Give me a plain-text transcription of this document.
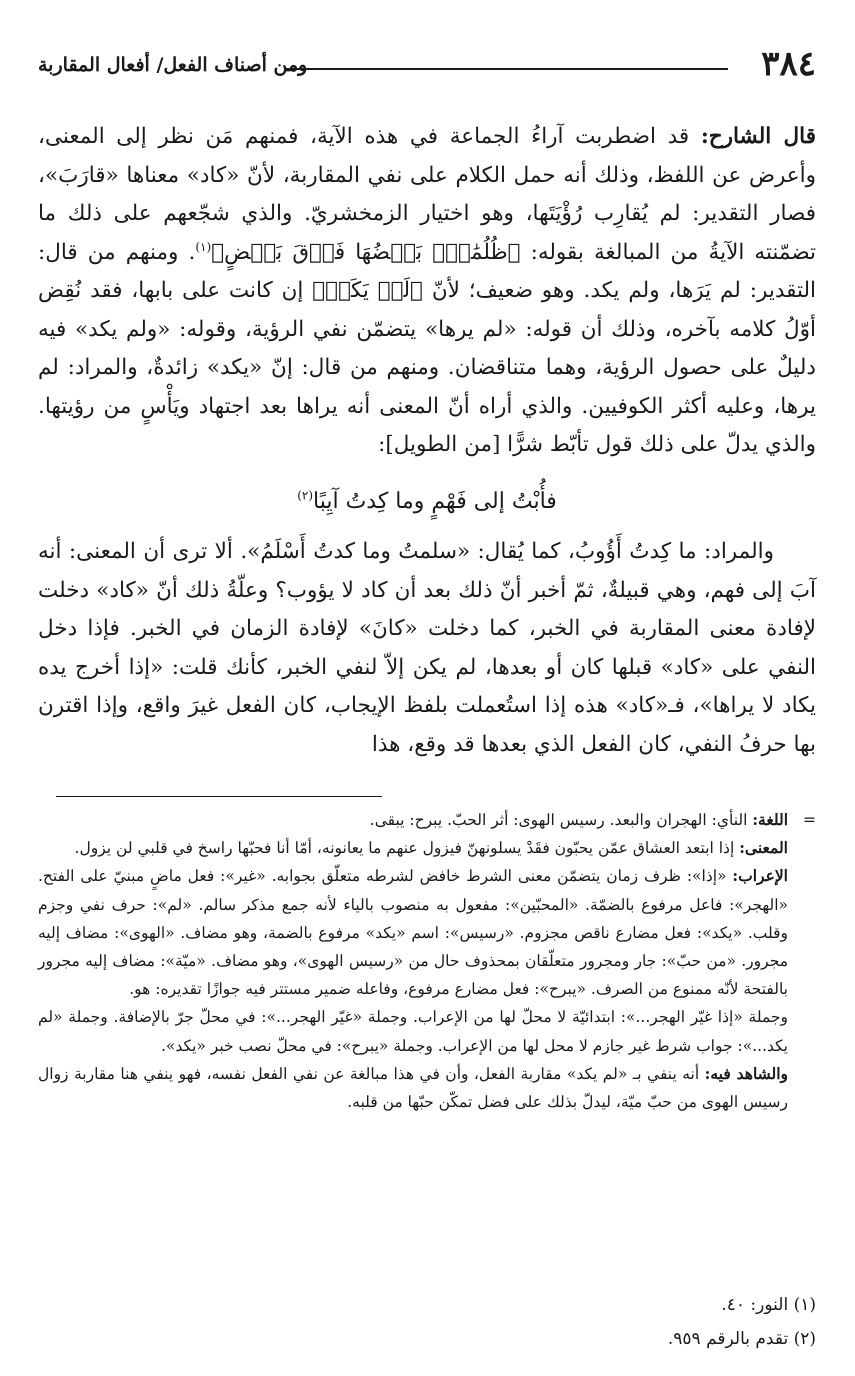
٣٨٤
ومن أصناف الفعل/ أفعال المقاربة

قال الشارح: قد اضطربت آراءُ الجماعة في هذه الآية، فمنهم مَن نظر إلى المعنى، وأعرض عن اللفظ، وذلك أنه حمل الكلام على نفي المقاربة، لأنّ «كاد» معناها «قارَبَ»، فصار التقدير: لم يُقارِب رُؤْيَتَها، وهو اختيار الزمخشريّ. والذي شجّعهم على ذلك ما تضمّنته الآيةُ من المبالغة بقوله: ﴿ظُلُمَٰتٌۢ بَعۡضُهَا فَوۡقَ بَعۡضٍ﴾$^{(١)}$. ومنهم من قال: التقدير: لم يَرَها، ولم يكد. وهو ضعيف؛ لأنّ ﴿لَمۡ يَكَدۡ﴾ إن كانت على بابها، فقد نُقِض أوّلُ كلامه بآخره، وذلك أن قوله: «لم يرها» يتضمّن نفي الرؤية، وقوله: «ولم يكد» فيه دليلٌ على حصول الرؤية، وهما متناقضان. ومنهم من قال: إنّ «يكد» زائدةٌ، والمراد: لم يرها، وعليه أكثر الكوفيين. والذي أراه أنّ المعنى أنه يراها بعد اجتهاد ويَأْسٍ من رؤيتها. والذي يدلّ على ذلك قول تأبّط شرًّا [من الطويل]:

فأُبْتُ إلى فَهْمٍ وما كِدتُ آيِبًا$^{(٢)}$

والمراد: ما كِدتُ أَؤُوبُ، كما يُقال: «سلمتُ وما كدتُ أَسْلَمُ». ألا ترى أن المعنى: أنه آبَ إلى فهم، وهي قبيلةٌ، ثمّ أخبر أنّ ذلك بعد أن كاد لا يؤوب؟ وعلّةُ ذلك أنّ «كاد» دخلت لإفادة معنى المقاربة في الخبر، كما دخلت «كانَ» لإفادة الزمان في الخبر. فإذا دخل النفي على «كاد» قبلها كان أو بعدها، لم يكن إلاّ لنفي الخبر، كأنك قلت: «إذا أخرج يده يكاد لا يراها»، فـ«كاد» هذه إذا استُعملت بلفظ الإيجاب، كان الفعل غيرَ واقع، وإذا اقترن بها حرفُ النفي، كان الفعل الذي بعدها قد وقع، هذا

=

اللغة: النأي: الهجران والبعد. رسيس الهوى: أثر الحبّ. يبرح: يبقى.

المعنى: إذا ابتعد العشاق عمّن يحبّون فقَدْ يسلونهنّ فيزول عنهم ما يعانونه، أمّا أنا فحبّها راسخ في قلبي لن يزول.

الإعراب: «إذا»: ظرف زمان يتضمّن معنى الشرط خافض لشرطه متعلّق بجوابه. «غير»: فعل ماضٍ مبنيّ على الفتح. «الهجر»: فاعل مرفوع بالضمّة. «المحبّين»: مفعول به منصوب بالياء لأنه جمع مذكر سالم. «لم»: حرف نفي وجزم وقلب. «يكد»: فعل مضارع ناقص مجزوم. «رسيس»: اسم «يكد» مرفوع بالضمة، وهو مضاف. «الهوى»: مضاف إليه مجرور. «من حبّ»: جار ومجرور متعلّقان بمحذوف حال من «رسيس الهوى»، وهو مضاف. «ميّة»: مضاف إليه مجرور بالفتحة لأنّه ممنوع من الصرف. «يبرح»: فعل مضارع مرفوع، وفاعله ضمير مستتر فيه جوازًا تقديره: هو.

وجملة «إذا غيّر الهجر...»: ابتدائيّة لا محلّ لها من الإعراب. وجملة «غيّر الهجر...»: في محلّ جرّ بالإضافة. وجملة «لم يكد...»: جواب شرط غير جازم لا محل لها من الإعراب. وجملة «يبرح»: في محلّ نصب خبر «يكد».

والشاهد فيه: أنه ينفي بـ «لم يكد» مقاربة الفعل، وأن في هذا مبالغة عن نفي الفعل نفسه، فهو ينفي هنا مقاربة زوال رسيس الهوى من حبّ ميّة، ليدلّ بذلك على فضل تمكّن حبّها من قلبه.

(١) النور: ٤٠.
(٢) تقدم بالرقم ٩٥٩.
